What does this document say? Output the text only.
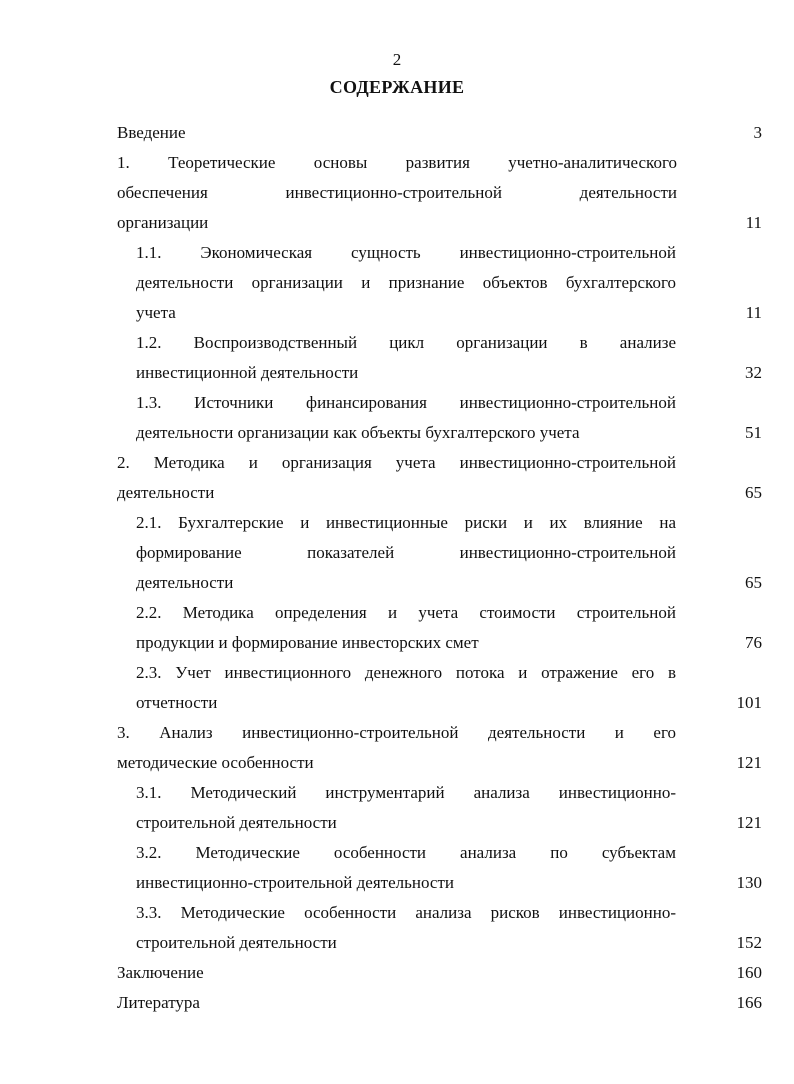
2
СОДЕРЖАНИЕ
Введение	3
1. Теоретические основы развития учетно-аналитического
обеспечения инвестиционно-строительной деятельности
организации	11
1.1. Экономическая сущность инвестиционно-строительной
деятельности организации и признание объектов бухгалтерского
учета	11
1.2. Воспроизводственный цикл организации в анализе
инвестиционной деятельности	32
1.3. Источники финансирования инвестиционно-строительной
деятельности организации как объекты бухгалтерского учета	51
2. Методика и организация учета инвестиционно-строительной
деятельности	65
2.1. Бухгалтерские и инвестиционные риски и их влияние на
формирование показателей инвестиционно-строительной
деятельности	65
2.2. Методика определения и учета стоимости строительной
продукции и формирование инвесторских смет	76
2.3. Учет инвестиционного денежного потока и отражение его в
отчетности	101
3. Анализ инвестиционно-строительной деятельности и его
методические особенности	121
3.1. Методический инструментарий анализа инвестиционно-
строительной деятельности	121
3.2. Методические особенности анализа по субъектам
инвестиционно-строительной деятельности	130
3.3. Методические особенности анализа рисков инвестиционно-
строительной деятельности	152
Заключение	160
Литература	166
